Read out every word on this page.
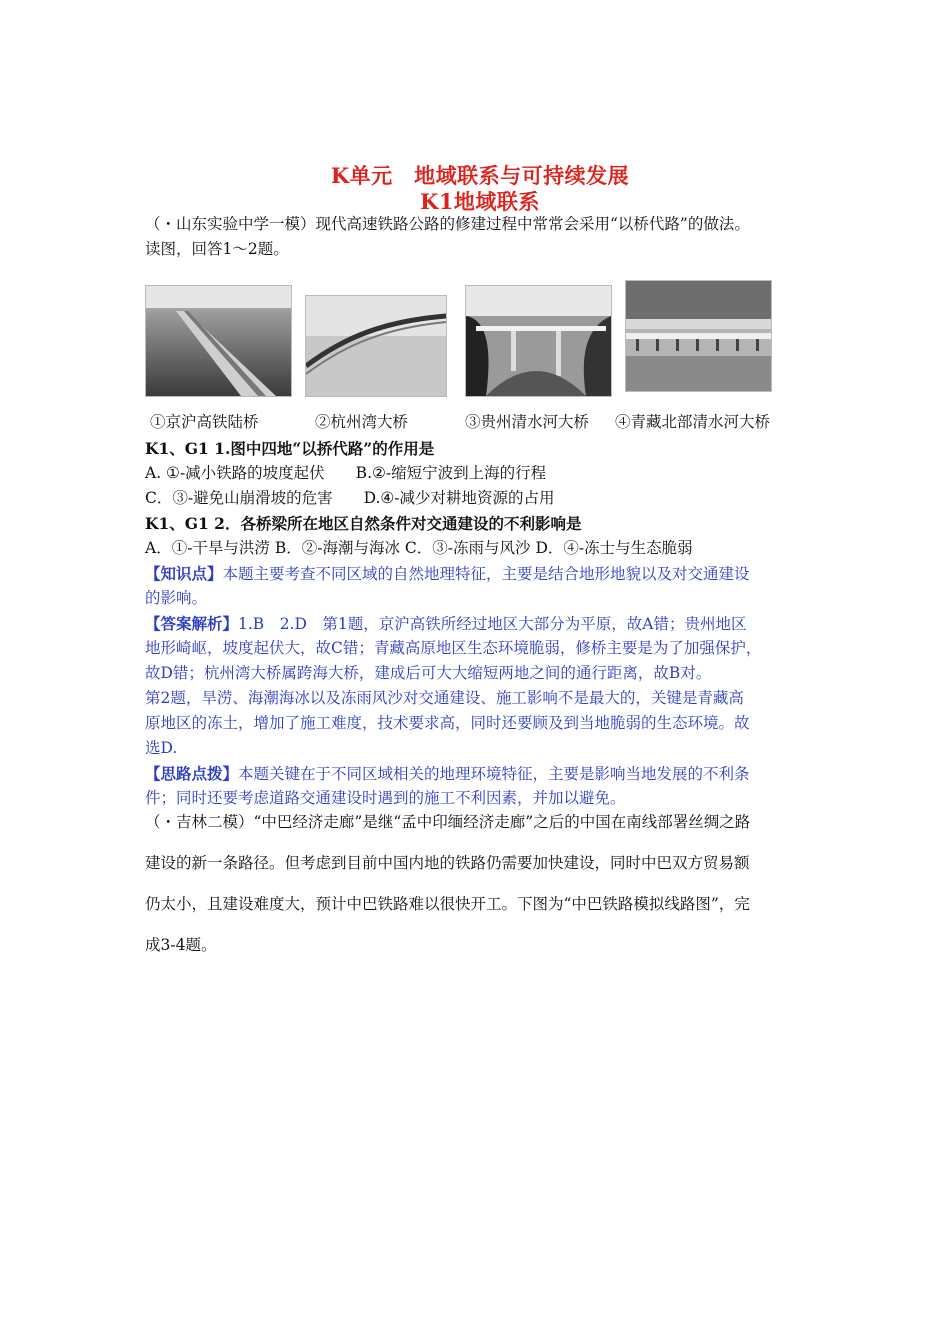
K单元　地域联系与可持续发展
K1地域联系
（・山东实验中学一模）现代高速铁路公路的修建过程中常常会采用“以桥代路”的做法。
读图，回答1～2题。
①京沪高铁陆桥	②杭州湾大桥	③贵州清水河大桥 ④青藏北部清水河大桥
K1、G1 1.图中四地“以挢代路”的作用是
A. ①-减小铁路的坡度起伏　　B.②-缩短宁波到上海的行程
C．③-避免山崩滑坡的危害　　D.④-减少对耕地资源的占用
K1、G1 2．各桥梁所在地区自然条件对交通建设的不利影响是
A．①-干旱与洪涝 B．②-海潮与海冰 C．③-冻雨与风沙 D．④-冻士与生态脆弱
【知识点】本题主要考查不同区域的自然地理特征，主要是结合地形地貌以及对交通建设
的影响。
【答案解析】1.B　2.D　第1题，京沪高铁所经过地区大部分为平原，故A错；贵州地区
地形崎岖，坡度起伏大，故C错；青藏高原地区生态环境脆弱，修桥主要是为了加强保护，
故D错；杭州湾大桥属跨海大桥，建成后可大大缩短两地之间的通行距离，故B对。
第2题，旱涝、海潮海冰以及冻雨风沙对交通建设、施工影响不是最大的，关键是青藏高
原地区的冻土，增加了施工难度，技术要求高，同时还要顾及到当地脆弱的生态环境。故
选D.
【思路点拨】本题关键在于不同区域相关的地理环境特征，主要是影响当地发展的不利条
件；同时还要考虑道路交通建设时遇到的施工不利因素，并加以避免。
（・吉林二模）“中巴经济走廊”是继“孟中印缅经济走廊”之后的中国在南线部署丝绸之路
建设的新一条路径。但考虑到目前中国内地的铁路仍需要加快建设，同时中巴双方贸易额
仍太小，且建设难度大，预计中巴铁路难以很快开工。下图为“中巴铁路模拟线路图”，完
成3-4题。
